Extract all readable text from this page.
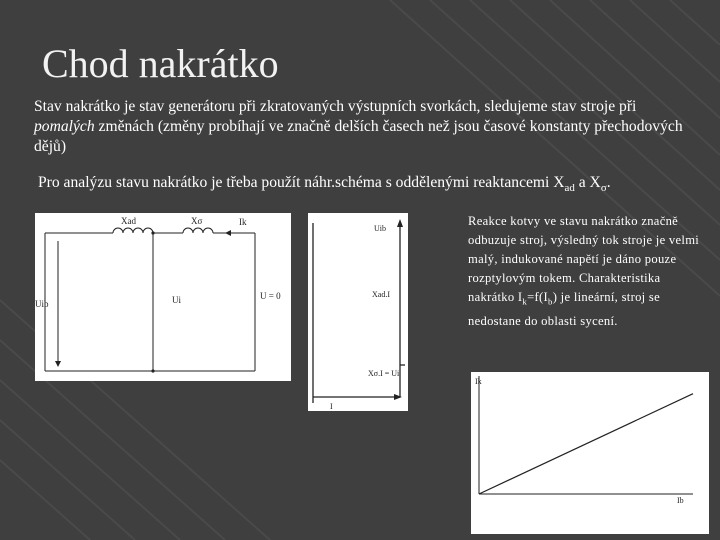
Chod nakrátko
Stav nakrátko je stav generátoru při zkratovaných výstupních svorkách, sledujeme stav stroje při pomalých změnách (změny probíhají ve značně delších časech než jsou časové konstanty přechodových dějů)
Pro analýzu stavu nakrátko je třeba použít náhr.schéma s oddělenými reaktancemi $X_{ad}$ a $X_\sigma$.
Reakce kotvy ve stavu nakrátko značně odbuzuje stroj, výsledný tok stroje je velmi malý, indukované napětí je dáno pouze rozptylovým tokem. Charakteristika nakrátko $I_k=f(I_b)$ je lineární, stroj se nedostane do oblasti sycení.
Xad	Xσ	Ik
Uib	Ui	U = 0
Uib
Xad.I
Xσ.I = Ui
I
Ik
Ib
